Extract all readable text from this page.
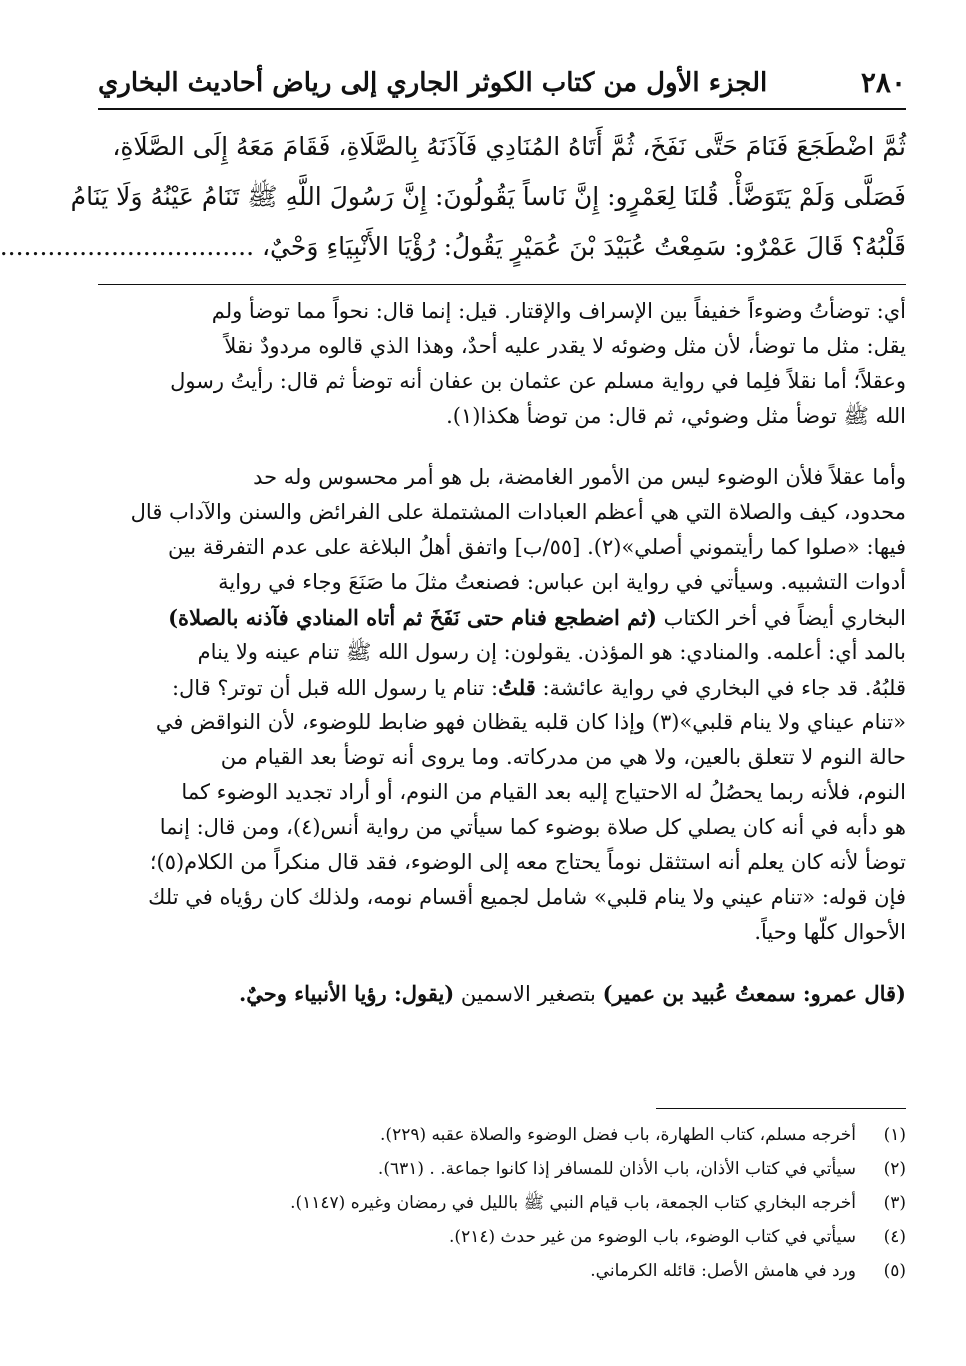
٢٨٠
الجزء الأول من كتاب الكوثر الجاري إلى رياض أحاديث البخاري
ثُمَّ اضْطَجَعَ فَنَامَ حَتَّى نَفَخَ، ثُمَّ أَتَاهُ المُنَادِي فَآذَنَهُ بِالصَّلَاةِ، فَقَامَ مَعَهُ إِلَى الصَّلَاةِ،
فَصَلَّى وَلَمْ يَتَوَضَّأْ. قُلنَا لِعَمْرٍو: إِنَّ نَاساً يَقُولُونَ: إِنَّ رَسُولَ اللَّهِ ﷺ تَنَامُ عَيْنُهُ وَلَا يَنَامُ
قَلْبُهُ؟ قَالَ عَمْرٌو: سَمِعْتُ عُبَيْدَ بْنَ عُمَيْرٍ يَقُولُ: رُؤْيَا الأَنْبِيَاءِ وَحْيٌ، ................................
أي: توضأتُ وضوءاً خفيفاً بين الإسراف والإقتار. قيل: إنما قال: نحواً مما توضأ ولم
يقل: مثل ما توضأ، لأن مثل وضوئه لا يقدر عليه أحدٌ، وهذا الذي قالوه مردودٌ نقلاً
وعقلاً؛ أما نقلاً فلِما في رواية مسلم عن عثمان بن عفان أنه توضأ ثم قال: رأيتُ رسول
الله ﷺ توضأ مثل وضوئي، ثم قال: من توضأ هكذا(١).
وأما عقلاً فلأن الوضوء ليس من الأمور الغامضة، بل هو أمر محسوس وله حد
محدود، كيف والصلاة التي هي أعظم العبادات المشتملة على الفرائض والسنن والآداب قال
فيها: «صلوا كما رأيتموني أصلي»(٢). [٥٥/ب] واتفق أهلُ البلاغة على عدم التفرقة بين
أدوات التشبيه. وسيأتي في رواية ابن عباس: فصنعتُ مثلَ ما صَنَعَ وجاء في رواية
البخاري أيضاً في أخر الكتاب (ثم اضطجع فنام حتى نَفَخَ ثم أتاه المنادي فآذنه بالصلاة)
بالمد أي: أعلمه. والمنادي: هو المؤذن. يقولون: إن رسول الله ﷺ تنام عينه ولا ينام
قلبُهُ. قد جاء في البخاري في رواية عائشة: قلتُ: تنام يا رسول الله قبل أن توتر؟ قال:
«تنام عيناي ولا ينام قلبي»(٣) وإذا كان قلبه يقظان فهو ضابط للوضوء، لأن النواقض في
حالة النوم لا تتعلق بالعين، ولا هي من مدركاته. وما يروى أنه توضأ بعد القيام من
النوم، فلأنه ربما يحصُلُ له الاحتياج إليه بعد القيام من النوم، أو أراد تجديد الوضوء كما
هو دأبه في أنه كان يصلي كل صلاة بوضوء كما سيأتي من رواية أنس(٤)، ومن قال: إنما
توضأ لأنه كان يعلم أنه استثقل نوماً يحتاج معه إلى الوضوء، فقد قال منكراً من الكلام(٥)؛
فإن قوله: «تنام عيني ولا ينام قلبي» شامل لجميع أقسام نومه، ولذلك كان رؤياه في تلك
الأحوال كلّها وحياً.
(قال عمرو: سمعتُ عُبيد بن عمير) بتصغير الاسمين (يقول: رؤيا الأنبياء وحيٌ.
(١)أخرجه مسلم، كتاب الطهارة، باب فضل الوضوء والصلاة عقبه (٢٢٩).
(٢)سيأتي في كتاب الأذان، باب الأذان للمسافر إذا كانوا جماعة. . (٦٣١).
(٣)أخرجه البخاري كتاب الجمعة، باب قيام النبي ﷺ بالليل في رمضان وغيره (١١٤٧).
(٤)سيأتي في كتاب الوضوء، باب الوضوء من غير حدث (٢١٤).
(٥)ورد في هامش الأصل: قائله الكرماني.
